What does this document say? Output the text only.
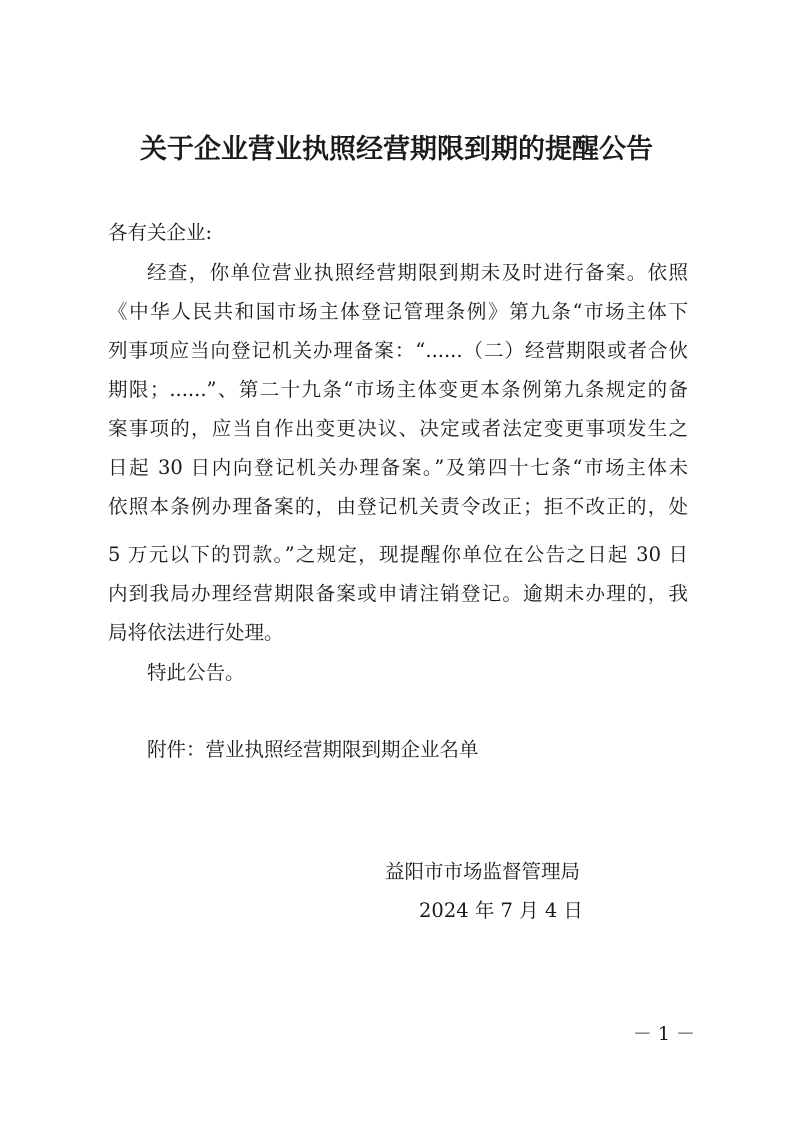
关于企业营业执照经营期限到期的提醒公告
各有关企业:
经查，你单位营业执照经营期限到期未及时进行备案。依照
《中华人民共和国市场主体登记管理条例》第九条“市场主体下
列事项应当向登记机关办理备案：“......（二）经营期限或者合伙
期限；......”、第二十九条“市场主体变更本条例第九条规定的备
案事项的，应当自作出变更决议、决定或者法定变更事项发生之
日起 30 日内向登记机关办理备案。”及第四十七条“市场主体未
依照本条例办理备案的，由登记机关责令改正；拒不改正的，处
5 万元以下的罚款。”之规定，现提醒你单位在公告之日起 30 日
内到我局办理经营期限备案或申请注销登记。逾期未办理的，我
局将依法进行处理。
特此公告。
附件：营业执照经营期限到期企业名单
益阳市市场监督管理局
2024 年 7 月 4 日
－ 1 －
